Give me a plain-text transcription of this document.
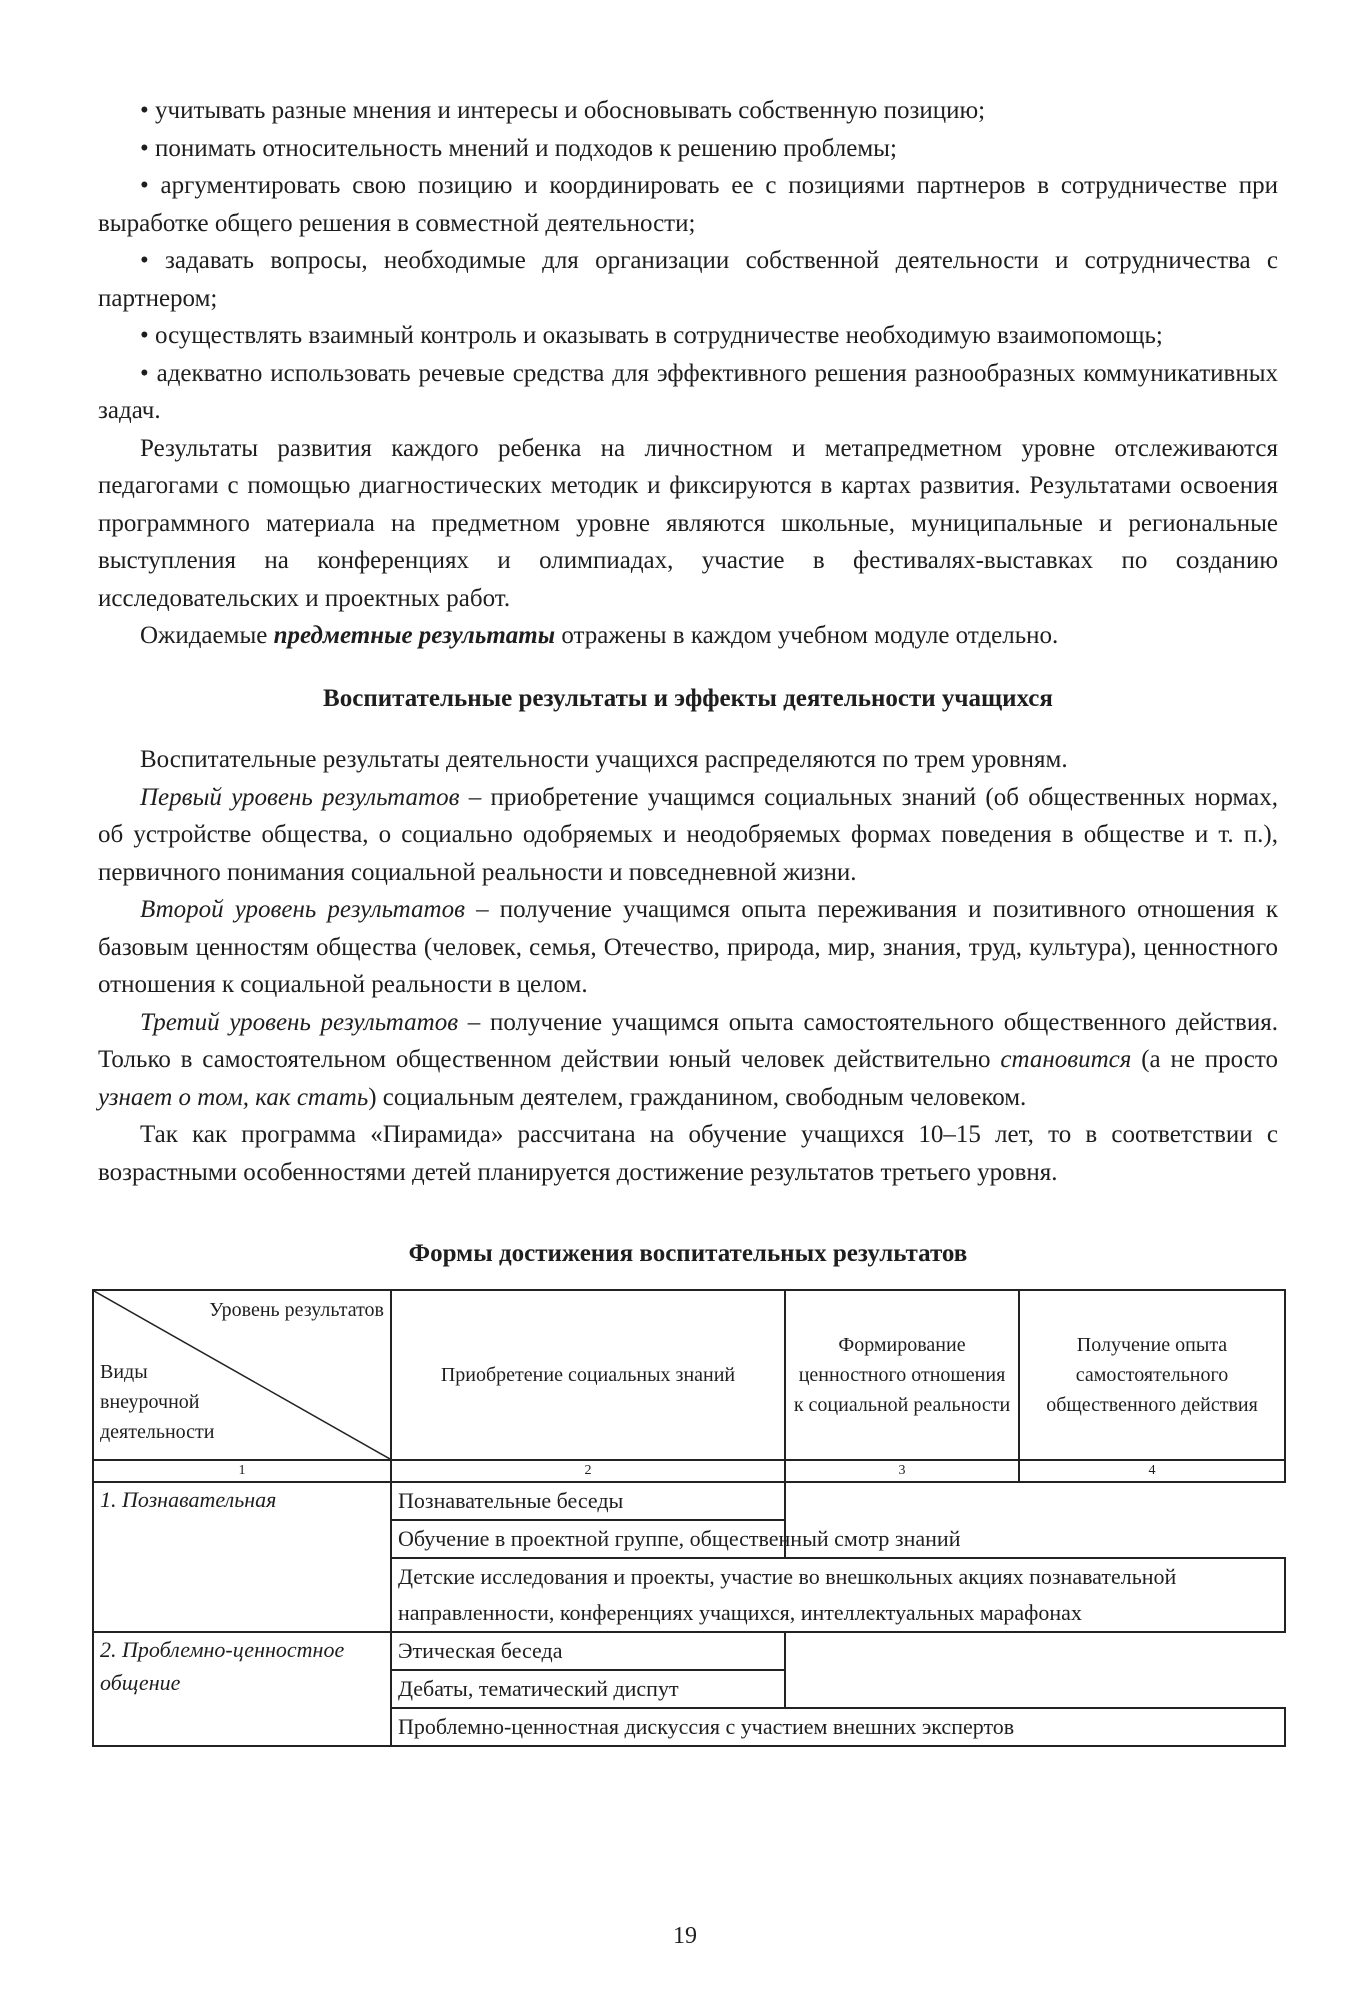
• учитывать разные мнения и интересы и обосновывать собственную позицию;

• понимать относительность мнений и подходов к решению проблемы;

• аргументировать свою позицию и координировать ее с позициями партнеров в сотрудничестве при выработке общего решения в совместной деятельности;

• задавать вопросы, необходимые для организации собственной деятельности и сотрудничества с партнером;

• осуществлять взаимный контроль и оказывать в сотрудничестве необходимую взаимопомощь;

• адекватно использовать речевые средства для эффективного решения разнообразных коммуникативных задач.

Результаты развития каждого ребенка на личностном и метапредметном уровне отслеживаются педагогами с помощью диагностических методик и фиксируются в картах развития. Результатами освоения программного материала на предметном уровне являются школьные, муниципальные и региональные выступления на конференциях и олимпиадах, участие в фестивалях-выставках по созданию исследовательских и проектных работ.

Ожидаемые предметные результаты отражены в каждом учебном модуле отдельно.

Воспитательные результаты и эффекты деятельности учащихся

Воспитательные результаты деятельности учащихся распределяются по трем уровням.

Первый уровень результатов – приобретение учащимся социальных знаний (об общественных нормах, об устройстве общества, о социально одобряемых и неодобряемых формах поведения в обществе и т. п.), первичного понимания социальной реальности и повседневной жизни.

Второй уровень результатов – получение учащимся опыта переживания и позитивного отношения к базовым ценностям общества (человек, семья, Отечество, природа, мир, знания, труд, культура), ценностного отношения к социальной реальности в целом.

Третий уровень результатов – получение учащимся опыта самостоятельного общественного действия. Только в самостоятельном общественном действии юный человек действительно становится (а не просто узнает о том, как стать) социальным деятелем, гражданином, свободным человеком.

Так как программа «Пирамида» рассчитана на обучение учащихся 10–15 лет, то в соответствии с возрастными особенностями детей планируется достижение результатов третьего уровня.

Формы достижения воспитательных результатов

Уровень результатов
Виды внеурочной деятельности	Приобретение социальных знаний	Формирование ценностного отношения к социальной реальности	Получение опыта самостоятельного общественного действия
1	2	3	4
1. Познавательная	Познавательные беседы		
	Обучение в проектной группе, общественный смотр знаний		
	Детские исследования и проекты, участие во внешкольных акциях познавательной направленности, конференциях учащихся, интеллектуальных марафонах		
2. Проблемно-ценностное общение	Этическая беседа		
	Дебаты, тематический диспут		
	Проблемно-ценностная дискуссия с участием внешних экспертов		
19
